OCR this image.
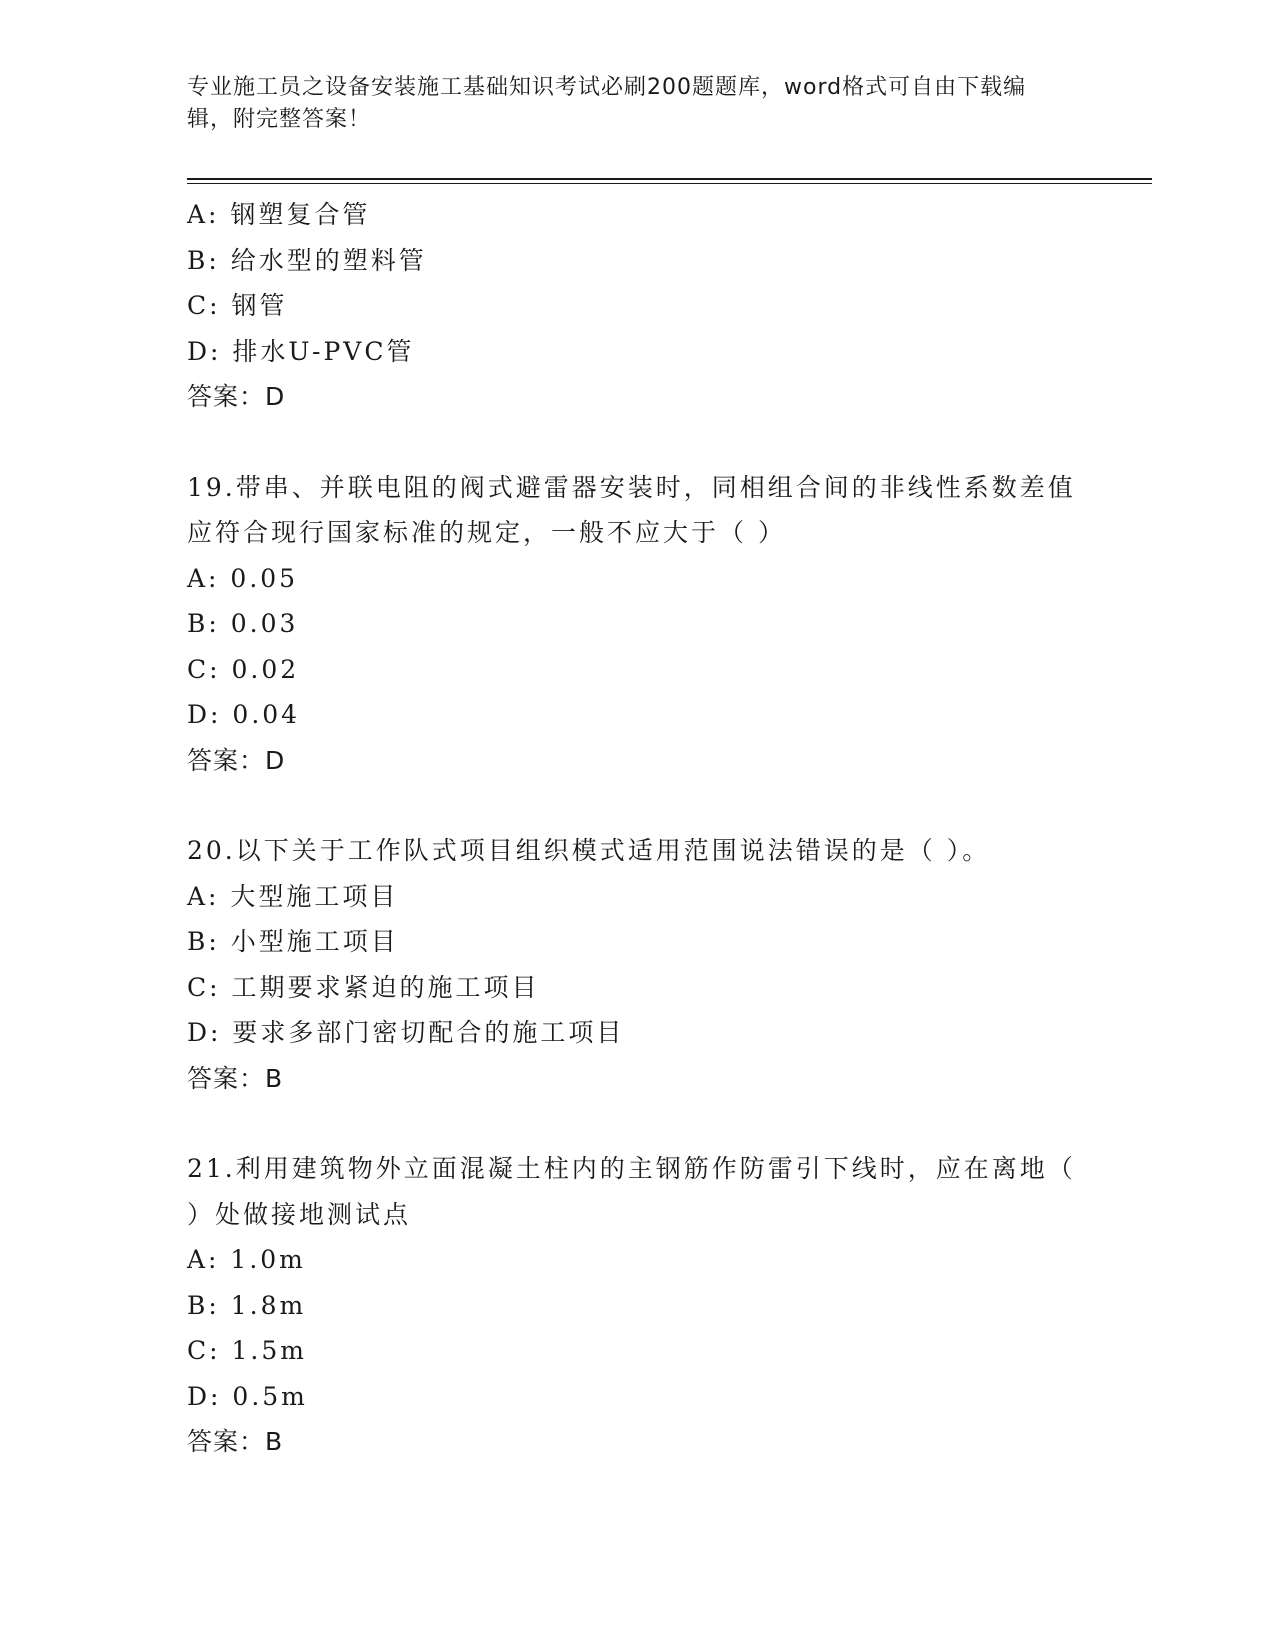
专业施工员之设备安装施工基础知识考试必刷200题题库，word格式可自由下载编辑，附完整答案！
A: 钢塑复合管
B: 给水型的塑料管
C: 钢管
D: 排水U-PVC管
答案：D
19.带串、并联电阻的阀式避雷器安装时，同相组合间的非线性系数差值应符合现行国家标准的规定，一般不应大于（ ）
A: 0.05
B: 0.03
C: 0.02
D: 0.04
答案：D
20.以下关于工作队式项目组织模式适用范围说法错误的是（ ）。
A: 大型施工项目
B: 小型施工项目
C: 工期要求紧迫的施工项目
D: 要求多部门密切配合的施工项目
答案：B
21.利用建筑物外立面混凝土柱内的主钢筋作防雷引下线时，应在离地（ ）处做接地测试点
A: 1.0m
B: 1.8m
C: 1.5m
D: 0.5m
答案：B
